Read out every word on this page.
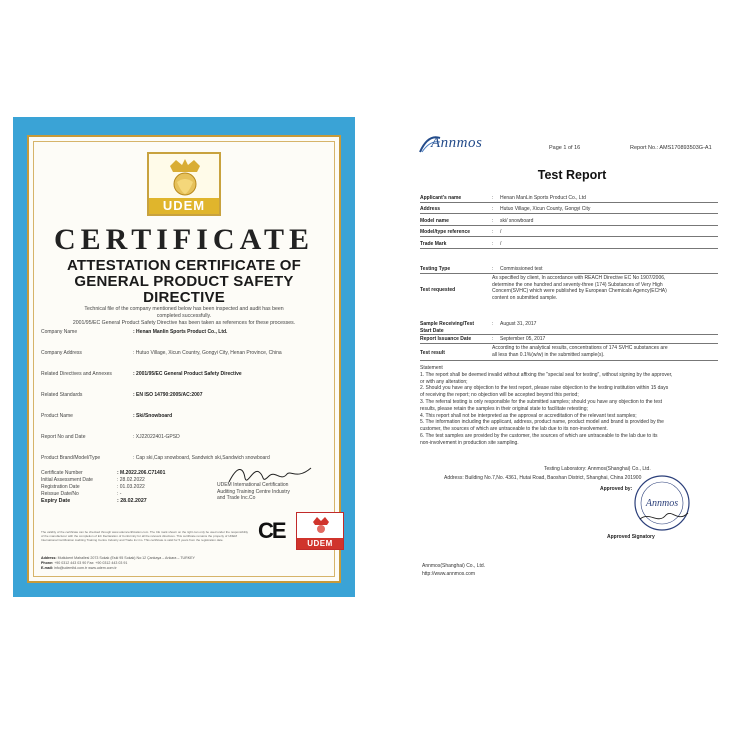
UDEM
CERTIFICATE
ATTESTATION CERTIFICATE OF
GENERAL PRODUCT SAFETY DIRECTIVE
Technical file of the company mentioned below has been inspected and audit has been
completed successfully.
2001/95/EC General Product Safety Directive has been taken as references for these processes.
Company Name	: Henan Manlin Sports Product Co., Ltd.
Company Address	: Hutuo Village, Xicun Country, Gongyi City, Henan Province, China
Related Directives and Annexes	: 2001/95/EC General Product Safety Directive
Related Standards	: EN ISO 14790:2005/AC:2007
Product Name	: Ski/Snowboard
Report No and Date	: XJ22022401-GPSD
Product Brand/Model/Type	: Cap ski,Cap snowboard, Sandwich ski,Sandwich snowboard
Certificate Number	: M.2022.206.C71401
Initial Assessment Date	: 28.02.2022
Registration Date	: 01.03.2022
Reissue Date/No	: -
Expiry Date	: 28.02.2027
UDEM International Certification
Auditing Training Centre Industry
and Trade Inc.Co
CE
UDEM
The validity of the certificate can be checked through www.udemcertification.com. The CE mark shown on the right can only be used under the responsibility of the manufacturer with the completion of EC Declaration of Conformity for all the relevant directives. This certificate remains the property of UDEM International Certification Auditing Training Centre Industry and Trade Inc.Co. This certificate is valid for 5 years from the registration date.
Address: Mutlukent Mahallesi 2073 Sokak (Eski 95 Sokak) No:12 Çankaya – Ankara – TURKEY
Phone: +90 0312 443 03 90 Fax: +90 0312 443 03 91
E-mail: info@udemltd.com.tr www.udem.com.tr
Annmos	Page 1 of 16	Report No.: AMS170893503G-A1
Test Report
Applicant's name	: Henan ManLin Sports Product Co., Ltd
Address	: Hutuo Village, Xicun County, Gongyi City
Model name	: ski/ snowboard
Model/type reference	: /
Trade Mark	: /
Testing Type	: Commissioned test
Test requested
As specified by client, In accordance with REACH Directive EC No 1907/2006,
determine the one hundred and seventy-three (174) Substances of Very High
Concern(SVHC) which were published by European Chemicals Agency(ECHA)
content on submitted sample.
Sample Receiving/Test
Start Date
: August 31, 2017
Report Issuance Date	: September 05, 2017
Test result
According to the analytical results, concentrations of 174 SVHC substances are
all less than 0.1%(w/w) in the submitted sample(s).
Statement
1. The report shall be deemed invalid without affixing the "special seal for testing", without signing by the approver,
or with any alteration;
2. Should you have any objection to the test report, please raise objection to the testing institution within 15 days
of receiving the report; no objection will be accepted beyond this period;
3. The referral testing is only responsible for the submitted samples; should you have any objection to the test
results, please retain the samples in their original state to facilitate retesting;
4. This report shall not be interpreted as the approval or accreditation of the relevant test samples;
5. The information including the applicant, address, product name, product model and brand is provided by the
customer, the sources of which are untraceable to the lab due to its non-involvement.
6. The test samples are provided by the customer, the sources of which are untraceable to the lab due to its
non-involvement in production site sampling.
Testing Laboratory: Annmos(Shanghai) Co., Ltd.
Address: Building No.7,No. 4361, Hutai Road, Baoshan District, Shanghai, China 201900
Approved by:
Annmos
Approved Signatory
Annmos(Shanghai) Co., Ltd.
http://www.annmos.com
